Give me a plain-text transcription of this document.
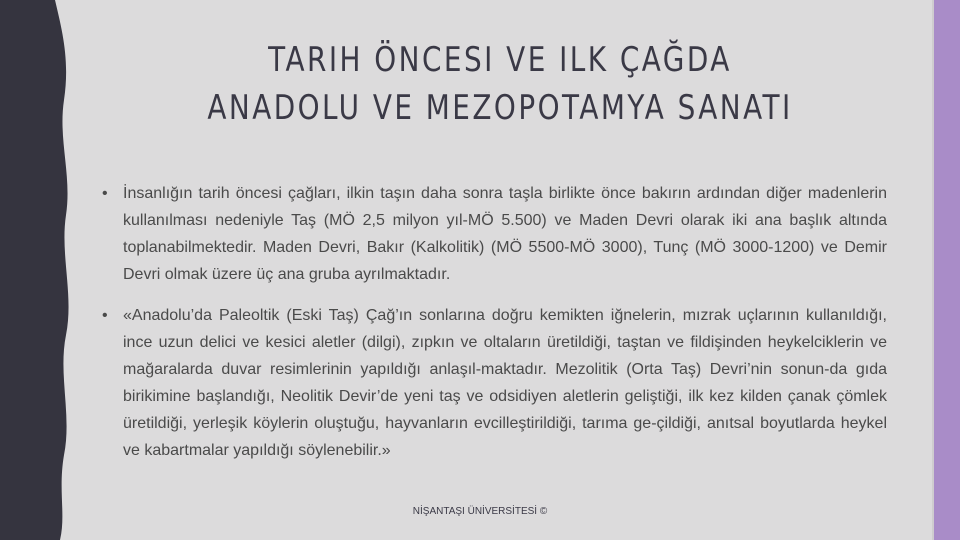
TARIH ÖNCESI VE ILK ÇAĞDA ANADOLU VE MEZOPOTAMYA SANATI
• İnsanlığın tarih öncesi çağları, ilkin taşın daha sonra taşla birlikte önce bakırın ardından diğer madenlerin kullanılması nedeniyle Taş (MÖ 2,5 milyon yıl-MÖ 5.500) ve Maden Devri olarak iki ana başlık altında toplanabilmektedir. Maden Devri, Bakır (Kalkolitik) (MÖ 5500-MÖ 3000), Tunç (MÖ 3000-1200) ve Demir Devri olmak üzere üç ana gruba ayrılmaktadır.
• «Anadolu’da Paleoltik (Eski Taş) Çağ’ın sonlarına doğru kemikten iğnelerin, mızrak uçlarının kullanıldığı, ince uzun delici ve kesici aletler (dilgi), zıpkın ve oltaların üretildiği, taştan ve fildişinden heykelciklerin ve mağaralarda duvar resimlerinin yapıldığı anlaşıl-maktadır. Mezolitik (Orta Taş) Devri’nin sonun-da gıda birikimine başlandığı, Neolitik Devir’de yeni taş ve odsidiyen aletlerin geliştiği, ilk kez kilden çanak çömlek üretildiği, yerleşik köylerin oluştuğu, hayvanların evcilleştirildiği, tarıma ge-çildiği, anıtsal boyutlarda heykel ve kabartmalar yapıldığı söylenebilir.»
NİŞANTAŞI ÜNİVERSİTESİ ©
